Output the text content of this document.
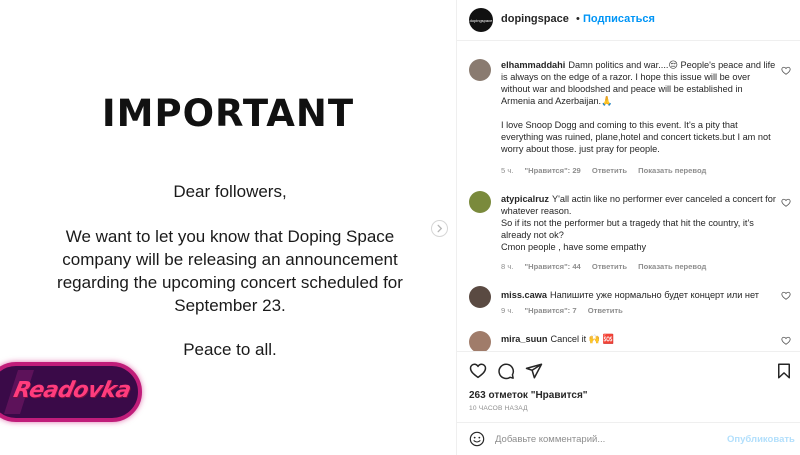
IMPORTANT

Dear followers,

We want to let you know that Doping Space company will be releasing an announcement regarding the upcoming concert scheduled for September 23.

Peace to all.

Readovka
dopingspace dopingspace • Подписаться

elhammaddahi Damn politics and war....😔 People's peace and life is always on the edge of a razor. I hope this issue will be over without war and bloodshed and peace will be established in Armenia and Azerbaijan.🙏

I love Snoop Dogg and coming to this event. It's a pity that everything was ruined, plane,hotel and concert tickets.but I am not worry about those. just pray for people.

5 ч. "Нравится": 29 Ответить Показать перевод

atypicalruz Y'all actin like no performer ever canceled a concert for whatever reason.

So if its not the performer but a tragedy that hit the country, it's already not ok?

Cmon people , have some empathy

8 ч. "Нравится": 44 Ответить Показать перевод

miss.cawa Напишите уже нормально будет концерт или нет

9 ч. "Нравится": 7 Ответить

mira_suun Cancel it 🙌 🆘

263 отметок "Нравится"
10 ЧАСОВ НАЗАД
Добавьте комментарий...
Опубликовать
